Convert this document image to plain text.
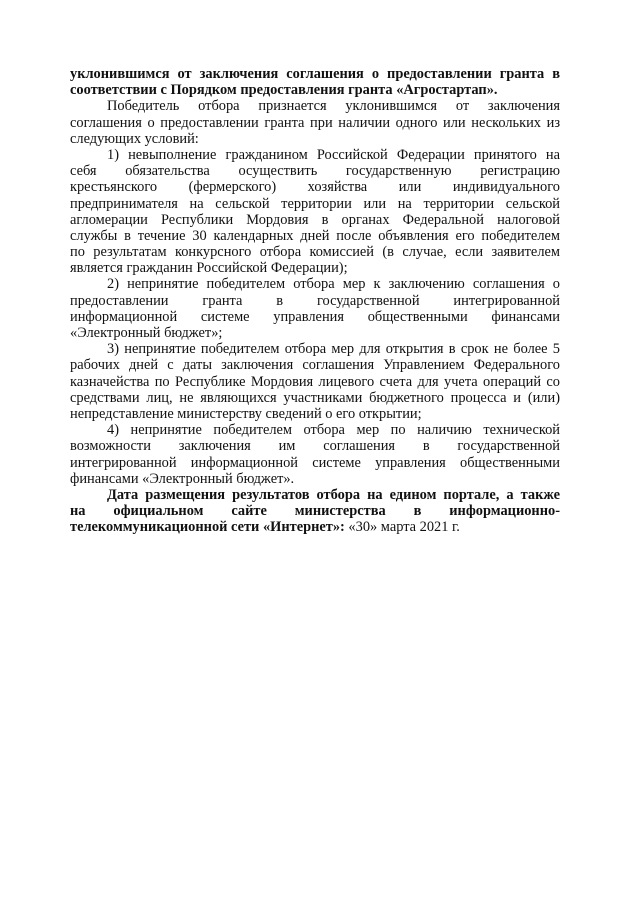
уклонившимся от заключения соглашения о предоставлении гранта в
соответствии с Порядком предоставления гранта «Агростартап».
Победитель отбора признается уклонившимся от заключения
соглашения о предоставлении гранта при наличии одного или нескольких из
следующих условий:
1) невыполнение гражданином Российской Федерации принятого на
себя обязательства осуществить государственную регистрацию
крестьянского (фермерского) хозяйства или индивидуального
предпринимателя на сельской территории или на территории сельской
агломерации Республики Мордовия в органах Федеральной налоговой
службы в течение 30 календарных дней после объявления его победителем
по результатам конкурсного отбора комиссией (в случае, если заявителем
является гражданин Российской Федерации);
2) непринятие победителем отбора мер к заключению соглашения о
предоставлении гранта в государственной интегрированной
информационной системе управления общественными финансами
«Электронный бюджет»;
3) непринятие победителем отбора мер для открытия в срок не более 5
рабочих дней с даты заключения соглашения Управлением Федерального
казначейства по Республике Мордовия лицевого счета для учета операций со
средствами лиц, не являющихся участниками бюджетного процесса и (или)
непредставление министерству сведений о его открытии;
4) непринятие победителем отбора мер по наличию технической
возможности заключения им соглашения в государственной
интегрированной информационной системе управления общественными
финансами «Электронный бюджет».
Дата размещения результатов отбора на едином портале, а также
на официальном сайте министерства в информационно-
телекоммуникационной сети «Интернет»: «30» марта 2021 г.
